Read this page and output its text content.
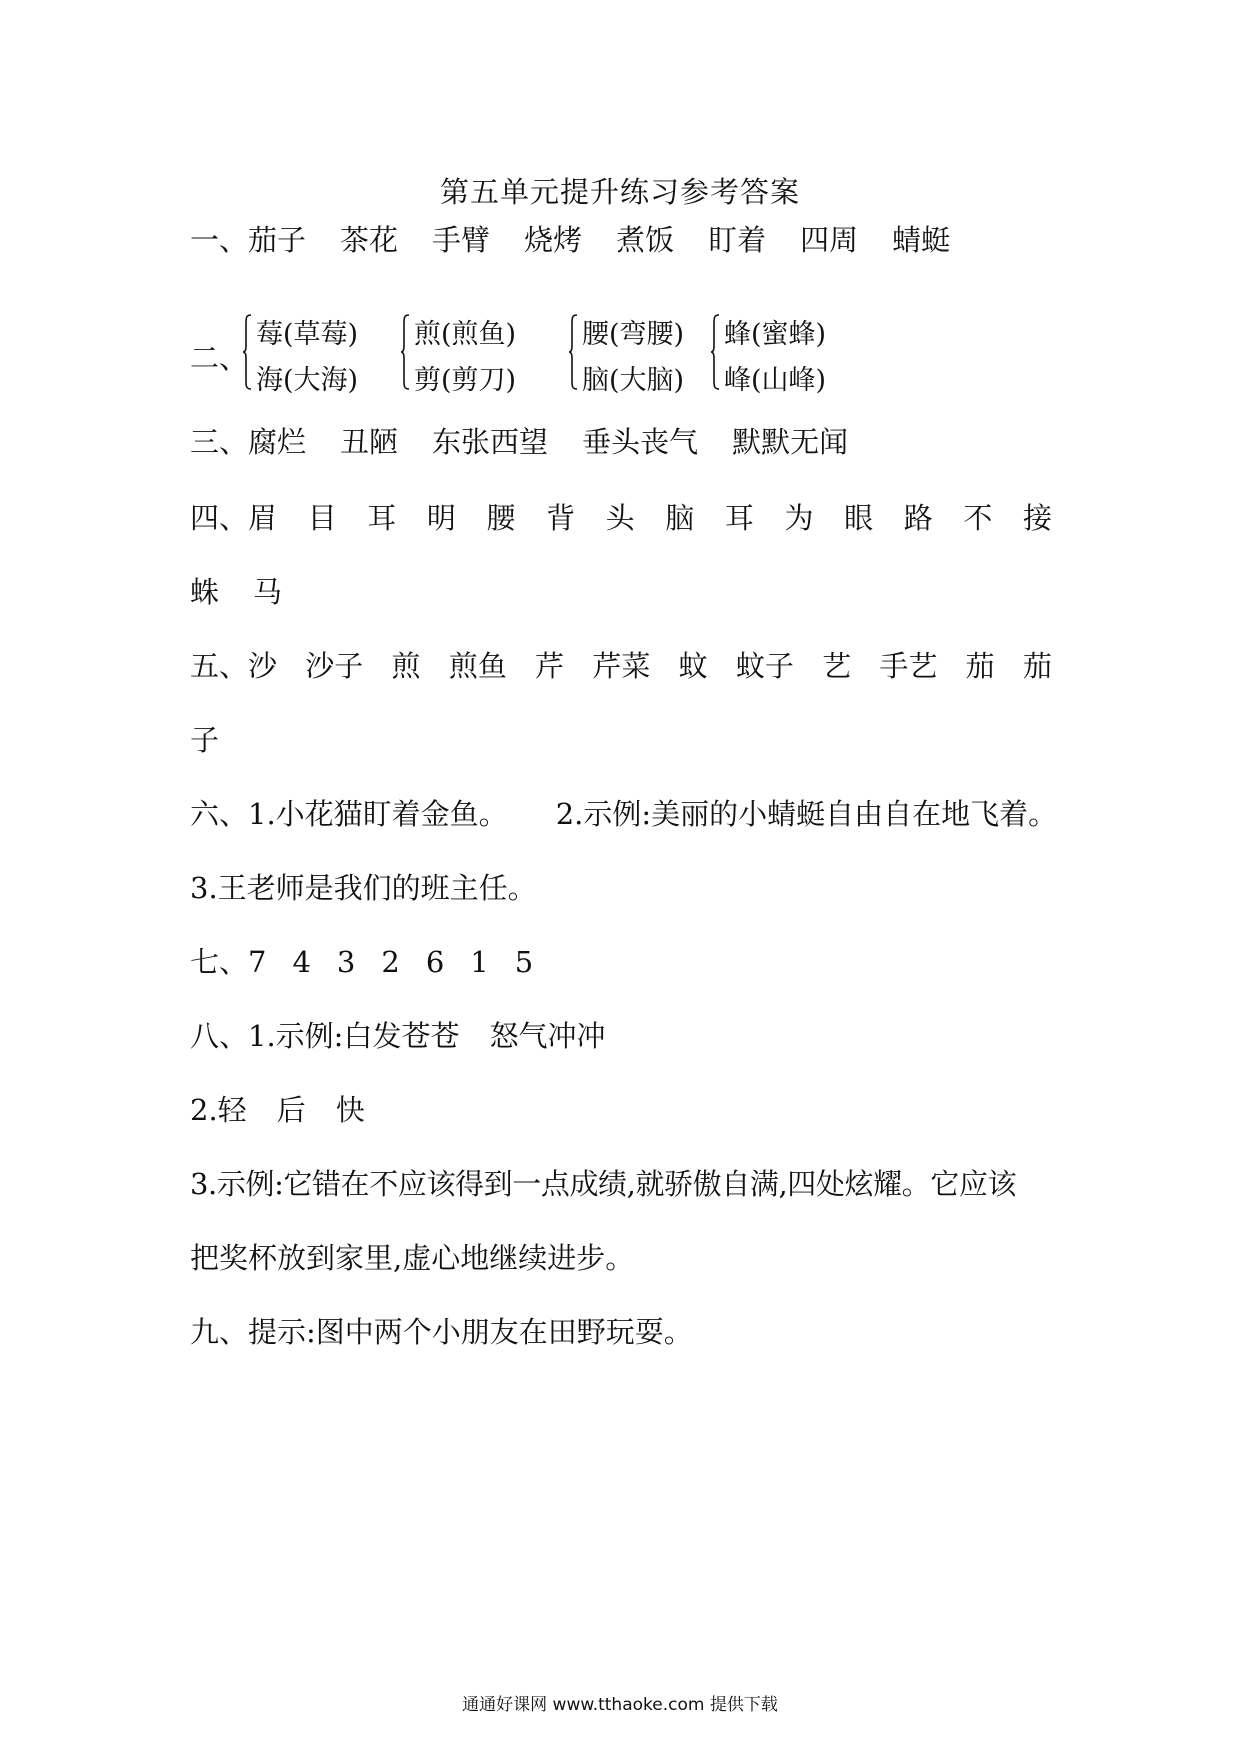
第五单元提升练习参考答案
一、茄子 茶花 手臂 烧烤 煮饭 盯着 四周 蜻蜓
二、
莓(草莓)
海(大海)
煎(煎鱼)
剪(剪刀)
腰(弯腰)
脑(大脑)
蜂(蜜蜂)
峰(山峰)
三、腐烂 丑陋 东张西望 垂头丧气 默默无闻
四、眉 目 耳 明 腰 背 头 脑 耳 为 眼 路 不 接
蛛 马
五、沙 沙子 煎 煎鱼 芹 芹菜 蚊 蚊子 艺 手艺 茄 茄
子
六、1.小花猫盯着金鱼。 2.示例:美丽的小蜻蜓自由自在地飞着。
3.王老师是我们的班主任。
七、7 4 3 2 6 1 5
八、1.示例:白发苍苍 怒气冲冲
2.轻 后 快
3.示例:它错在不应该得到一点成绩,就骄傲自满,四处炫耀。它应该
把奖杯放到家里,虚心地继续进步。
九、提示:图中两个小朋友在田野玩耍。
通通好课网 www.tthaoke.com 提供下载
